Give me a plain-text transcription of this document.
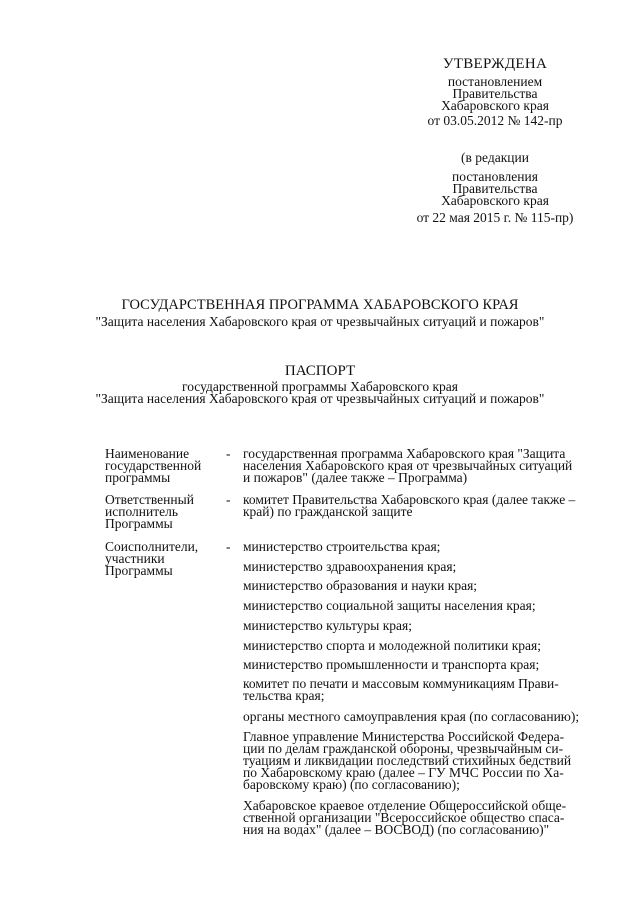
УТВЕРЖДЕНА
постановлением
Правительства
Хабаровского края
от 03.05.2012 № 142-пр
(в редакции
постановления
Правительства
Хабаровского края
от 22 мая 2015 г. № 115-пр)
ГОСУДАРСТВЕННАЯ ПРОГРАММА ХАБАРОВСКОГО КРАЯ
"Защита населения Хабаровского края от чрезвычайных ситуаций и пожаров"
ПАСПОРТ
государственной программы Хабаровского края
"Защита населения Хабаровского края от чрезвычайных ситуаций и пожаров"
Наименование
государственной
программы
- государственная программа Хабаровского края "Защита
населения Хабаровского края от чрезвычайных ситуаций
и пожаров" (далее также – Программа)
Ответственный
исполнитель
Программы
- комитет Правительства Хабаровского края (далее также –
край) по гражданской защите
Соисполнители,
участники
Программы
- министерство строительства края;
министерство здравоохранения края;
министерство образования и науки края;
министерство социальной защиты населения края;
министерство культуры края;
министерство спорта и молодежной политики края;
министерство промышленности и транспорта края;
комитет по печати и массовым коммуникациям Прави-
тельства края;
органы местного самоуправления края (по согласованию);
Главное управление Министерства Российской Федера-
ции по делам гражданской обороны, чрезвычайным си-
туациям и ликвидации последствий стихийных бедствий
по Хабаровскому краю (далее – ГУ МЧС России по Ха-
баровскому краю) (по согласованию);
Хабаровское краевое отделение Общероссийской обще-
ственной организации "Всероссийское общество спаса-
ния на водах" (далее – ВОСВОД) (по согласованию)"
